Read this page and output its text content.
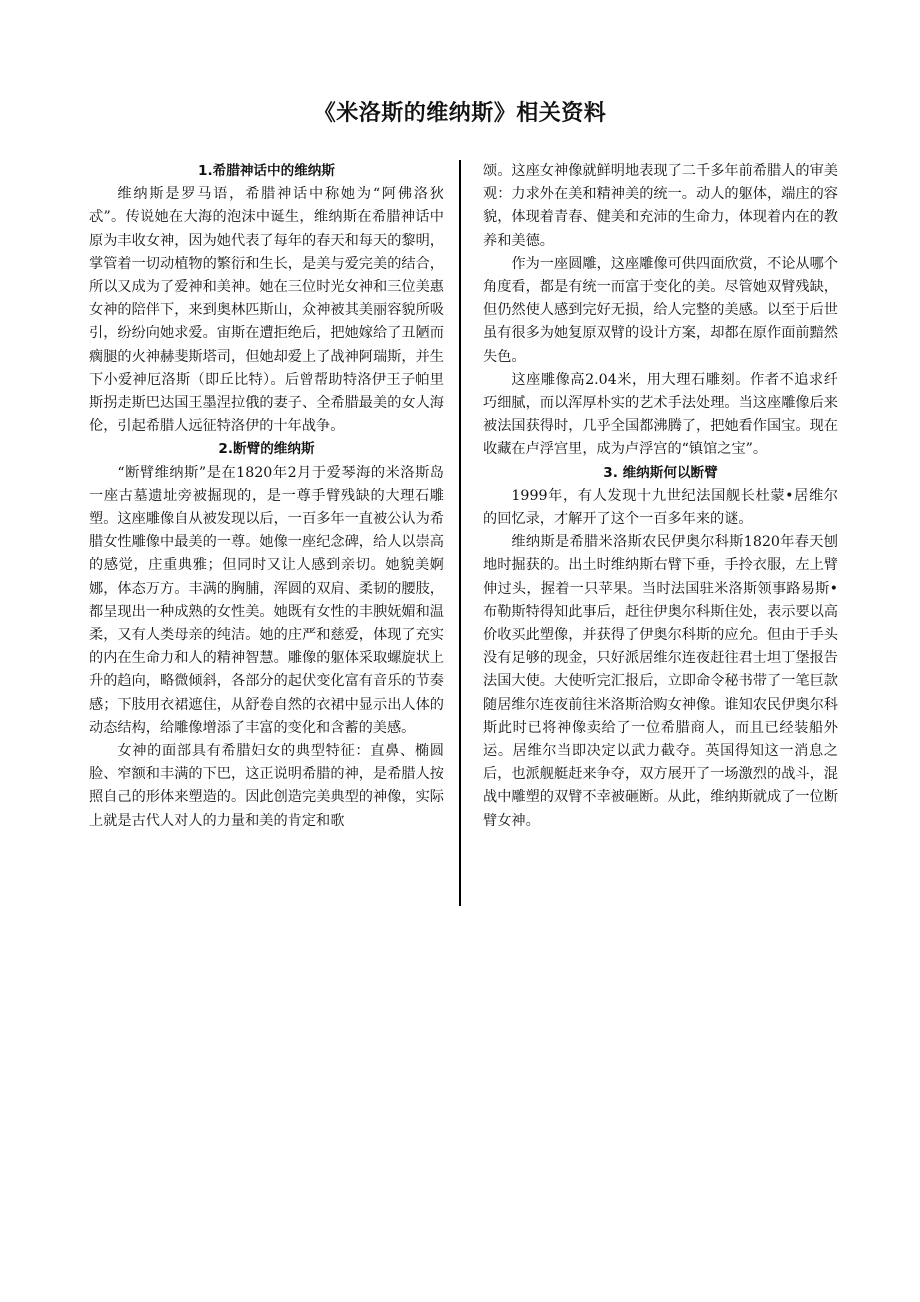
《米洛斯的维纳斯》相关资料

1.希腊神话中的维纳斯

维纳斯是罗马语，希腊神话中称她为“阿佛洛狄忒”。传说她在大海的泡沫中诞生，维纳斯在希腊神话中原为丰收女神，因为她代表了每年的春天和每天的黎明，掌管着一切动植物的繁衍和生长，是美与爱完美的结合，所以又成为了爱神和美神。她在三位时光女神和三位美惠女神的陪伴下，来到奥林匹斯山，众神被其美丽容貌所吸引，纷纷向她求爱。宙斯在遭拒绝后，把她嫁给了丑陋而瘸腿的火神赫斐斯塔司，但她却爱上了战神阿瑞斯，并生下小爱神厄洛斯（即丘比特）。后曾帮助特洛伊王子帕里斯拐走斯巴达国王墨涅拉俄的妻子、全希腊最美的女人海伦，引起希腊人远征特洛伊的十年战争。

2.断臂的维纳斯

“断臂维纳斯”是在1820年2月于爱琴海的米洛斯岛一座古墓遗址旁被掘现的，是一尊手臂残缺的大理石雕塑。这座雕像自从被发现以后，一百多年一直被公认为希腊女性雕像中最美的一尊。她像一座纪念碑，给人以崇高的感觉，庄重典雅；但同时又让人感到亲切。她貌美婀娜，体态万方。丰满的胸脯，浑圆的双肩、柔韧的腰肢，都呈现出一种成熟的女性美。她既有女性的丰腴妩媚和温柔，又有人类母亲的纯洁。她的庄严和慈爱，体现了充实的内在生命力和人的精神智慧。雕像的躯体采取螺旋状上升的趋向，略微倾斜，各部分的起伏变化富有音乐的节奏感；下肢用衣裙遮住，从舒卷自然的衣裙中显示出人体的动态结构，给雕像增添了丰富的变化和含蓄的美感。

女神的面部具有希腊妇女的典型特征：直鼻、椭圆脸、窄额和丰满的下巴，这正说明希腊的神，是希腊人按照自己的形体来塑造的。因此创造完美典型的神像，实际上就是古代人对人的力量和美的肯定和歌

颂。这座女神像就鲜明地表现了二千多年前希腊人的审美观：力求外在美和精神美的统一。动人的躯体，端庄的容貌，体现着青春、健美和充沛的生命力，体现着内在的教养和美德。

作为一座圆雕，这座雕像可供四面欣赏，不论从哪个角度看，都是有统一而富于变化的美。尽管她双臂残缺，但仍然使人感到完好无损，给人完整的美感。以至于后世虽有很多为她复原双臂的设计方案，却都在原作面前黯然失色。

这座雕像高2.04米，用大理石雕刻。作者不追求纤巧细腻，而以浑厚朴实的艺术手法处理。当这座雕像后来被法国获得时，几乎全国都沸腾了，把她看作国宝。现在收藏在卢浮宫里，成为卢浮宫的“镇馆之宝”。

3. 维纳斯何以断臂

1999年，有人发现十九世纪法国舰长杜蒙•居维尔的回忆录，才解开了这个一百多年来的谜。

维纳斯是希腊米洛斯农民伊奥尔科斯1820年春天刨地时掘获的。出土时维纳斯右臂下垂，手拎衣服，左上臂伸过头，握着一只苹果。当时法国驻米洛斯领事路易斯•布勒斯特得知此事后，赶往伊奥尔科斯住处，表示要以高价收买此塑像，并获得了伊奥尔科斯的应允。但由于手头没有足够的现金，只好派居维尔连夜赶往君士坦丁堡报告法国大使。大使听完汇报后，立即命令秘书带了一笔巨款随居维尔连夜前往米洛斯洽购女神像。谁知农民伊奥尔科斯此时已将神像卖给了一位希腊商人，而且已经装船外运。居维尔当即决定以武力截夺。英国得知这一消息之后，也派舰艇赶来争夺，双方展开了一场激烈的战斗，混战中雕塑的双臂不幸被砸断。从此，维纳斯就成了一位断臂女神。
